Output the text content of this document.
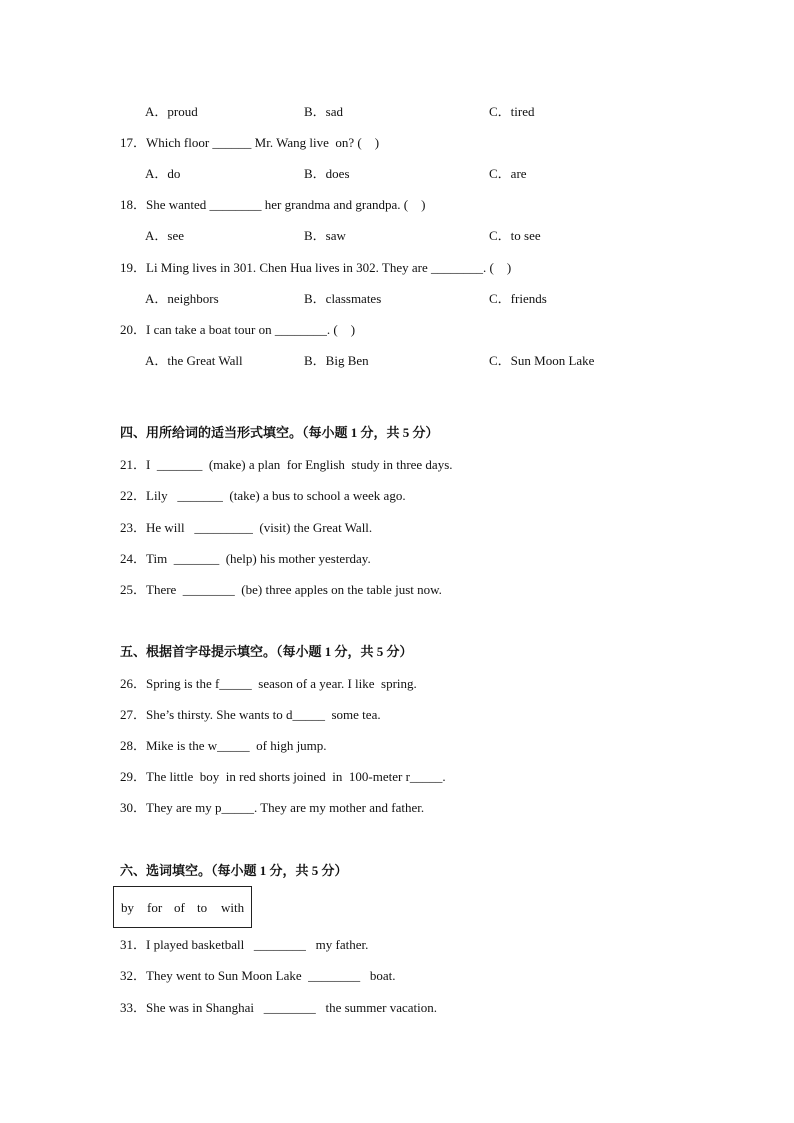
A．proud	B．sad	C．tired
17．Which floor ______ Mr. Wang live  on? (    )
A．do	B．does	C．are
18．She wanted ________ her grandma and grandpa. (    )
A．see	B．saw	C．to see
19．Li Ming lives in 301. Chen Hua lives in 302. They are ________. (    )
A．neighbors	B．classmates	C．friends
20．I can take a boat tour on ________. (    )
A．the Great Wall	B．Big Ben	C．Sun Moon Lake
四、用所给词的适当形式填空。（每小题 1 分，共 5 分）
21．I  _______  (make) a plan  for English  study in three days.
22．Lily   _______  (take) a bus to school a week ago.
23．He will   _________  (visit) the Great Wall.
24．Tim  _______  (help) his mother yesterday.
25．There  ________  (be) three apples on the table just now.
五、根据首字母提示填空。（每小题 1 分，共 5 分）
26．Spring is the f_____  season of a year. I like  spring.
27．She’s thirsty. She wants to d_____  some tea.
28．Mike is the w_____  of high jump.
29．The little  boy  in red shorts joined  in  100-meter r_____.
30．They are my p_____. They are my mother and father.
六、选词填空。（每小题 1 分，共 5 分）
by for of to with
31．I played basketball   ________   my father.
32．They went to Sun Moon Lake  ________   boat.
33．She was in Shanghai   ________   the summer vacation.
